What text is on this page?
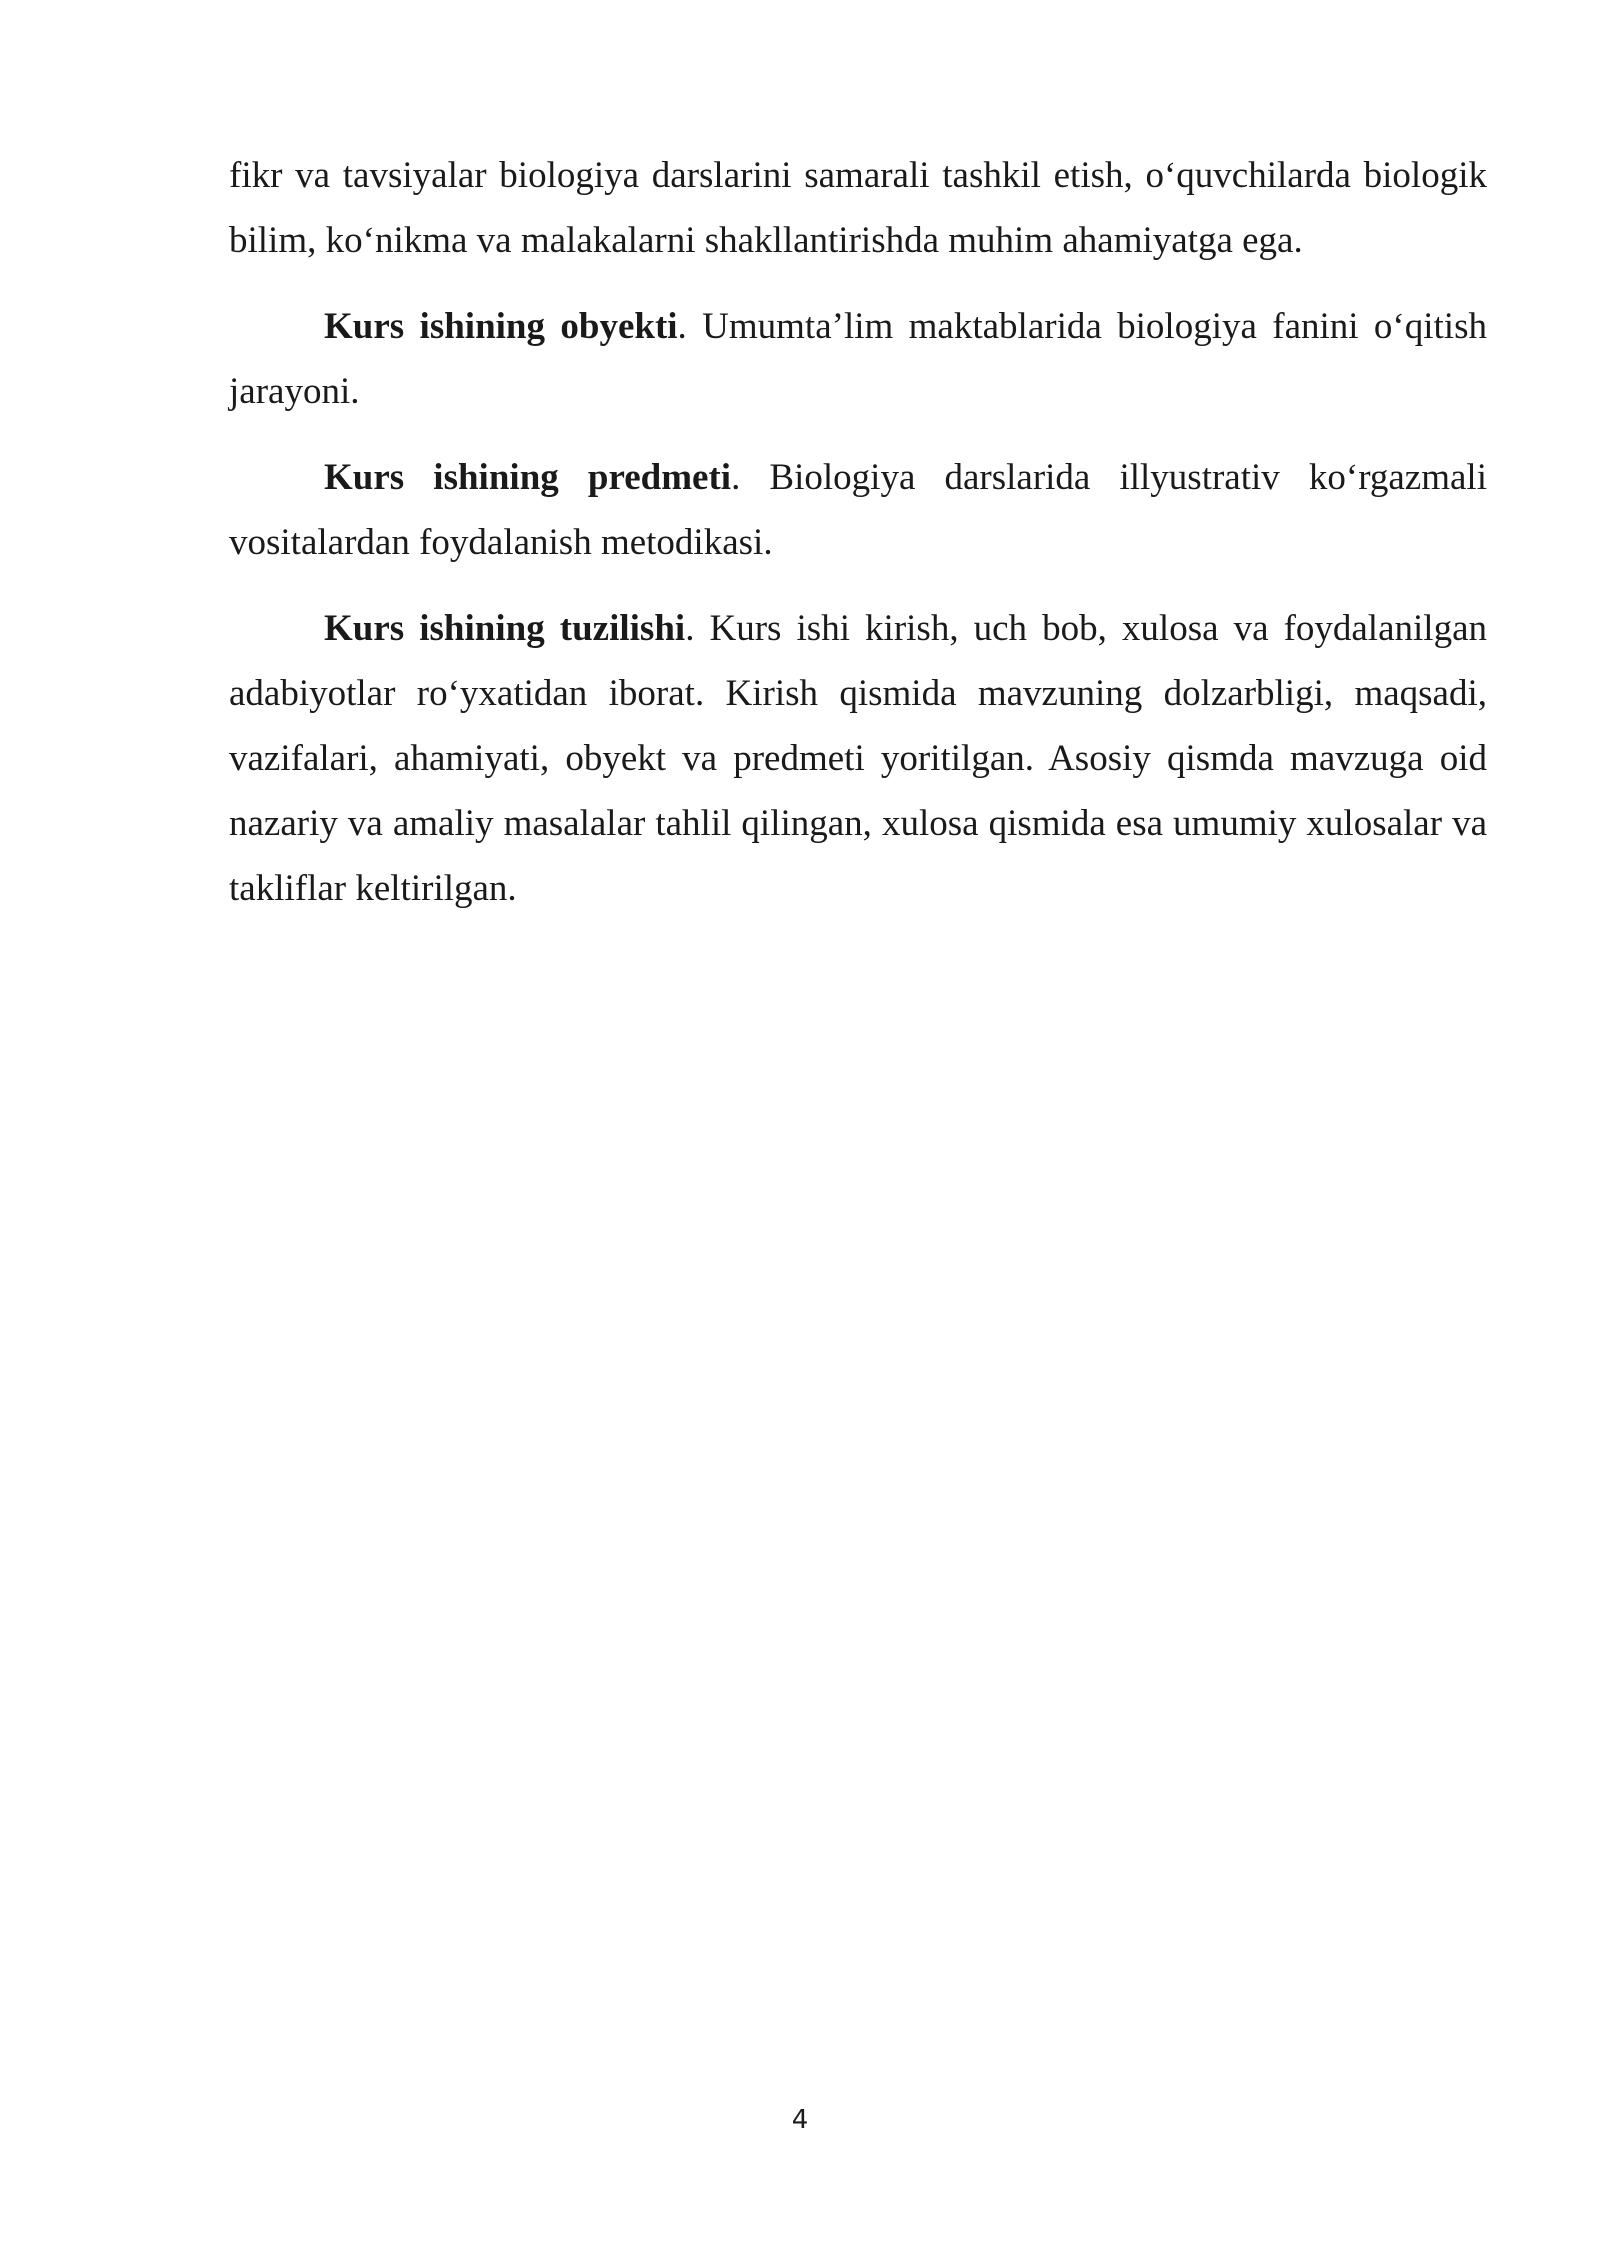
fikr va tavsiyalar biologiya darslarini samarali tashkil etish, o‘quvchilarda biologik bilim, ko‘nikma va malakalarni shakllantirishda muhim ahamiyatga ega.

Kurs ishining obyekti. Umumta’lim maktablarida biologiya fanini o‘qitish jarayoni.

Kurs ishining predmeti. Biologiya darslarida illyustrativ ko‘rgazmali vositalardan foydalanish metodikasi.

Kurs ishining tuzilishi. Kurs ishi kirish, uch bob, xulosa va foydalanilgan adabiyotlar ro‘yxatidan iborat. Kirish qismida mavzuning dolzarbligi, maqsadi, vazifalari, ahamiyati, obyekt va predmeti yoritilgan. Asosiy qismda mavzuga oid nazariy va amaliy masalalar tahlil qilingan, xulosa qismida esa umumiy xulosalar va takliflar keltirilgan.

4
